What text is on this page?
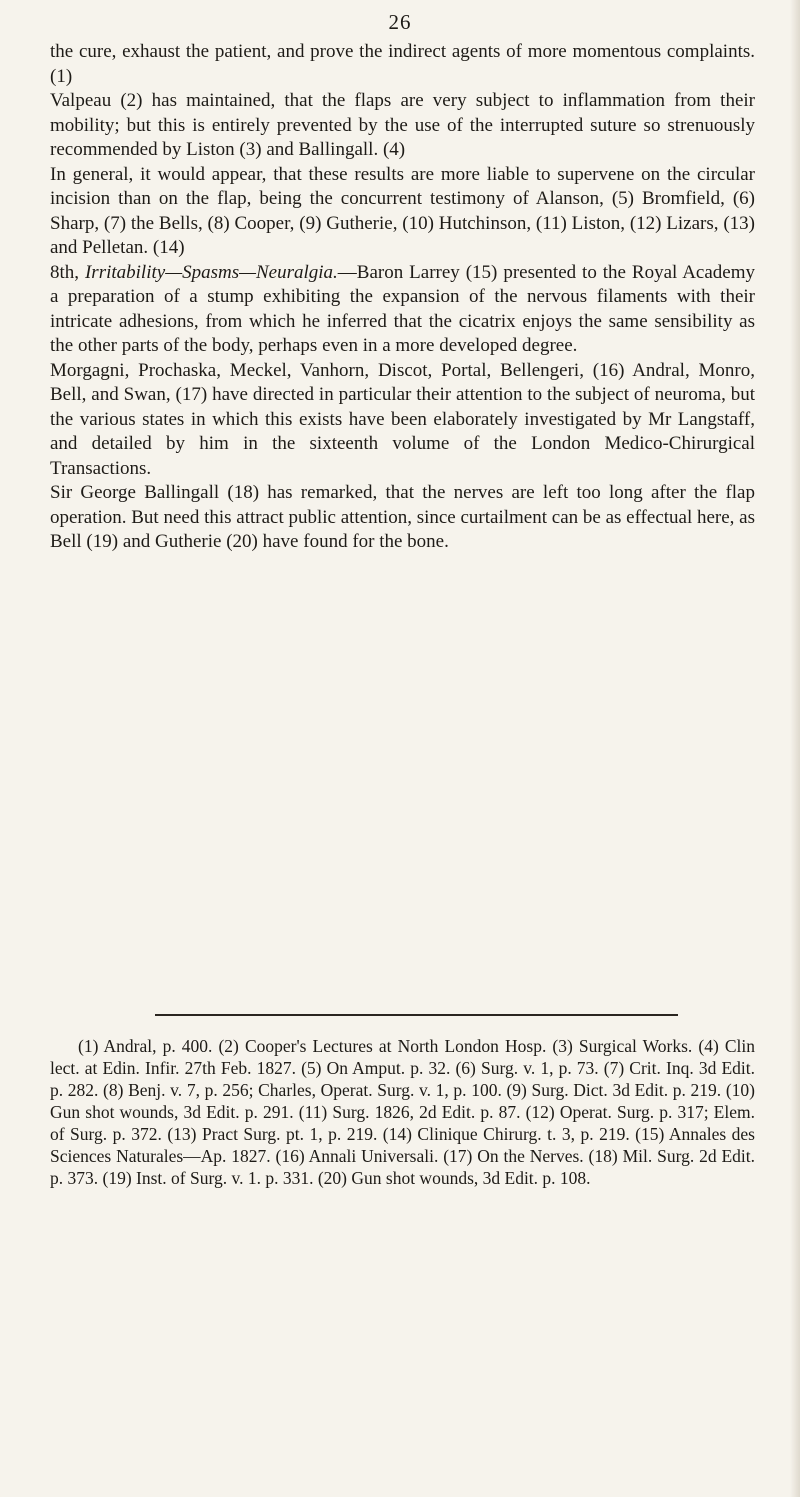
26

the cure, exhaust the patient, and prove the indirect agents of more momentous complaints. (1)

Valpeau (2) has maintained, that the flaps are very subject to inflammation from their mobility; but this is entirely prevented by the use of the interrupted suture so strenuously recommended by Liston (3) and Ballingall. (4)

In general, it would appear, that these results are more liable to supervene on the circular incision than on the flap, being the concurrent testimony of Alanson, (5) Bromfield, (6) Sharp, (7) the Bells, (8) Cooper, (9) Gutherie, (10) Hutchinson, (11) Liston, (12) Lizars, (13) and Pelletan. (14)

8th, Irritability—Spasms—Neuralgia.—Baron Larrey (15) presented to the Royal Academy a preparation of a stump exhibiting the expansion of the nervous filaments with their intricate adhesions, from which he inferred that the cicatrix enjoys the same sensibility as the other parts of the body, perhaps even in a more developed degree.

Morgagni, Prochaska, Meckel, Vanhorn, Discot, Portal, Bellengeri, (16) Andral, Monro, Bell, and Swan, (17) have directed in particular their attention to the subject of neuroma, but the various states in which this exists have been elaborately investigated by Mr Langstaff, and detailed by him in the sixteenth volume of the London Medico-Chirurgical Transactions.

Sir George Ballingall (18) has remarked, that the nerves are left too long after the flap operation. But need this attract public attention, since curtailment can be as effectual here, as Bell (19) and Gutherie (20) have found for the bone.

(1) Andral, p. 400. (2) Cooper's Lectures at North London Hosp. (3) Surgical Works. (4) Clin lect. at Edin. Infir. 27th Feb. 1827. (5) On Amput. p. 32. (6) Surg. v. 1, p. 73. (7) Crit. Inq. 3d Edit. p. 282. (8) Benj. v. 7, p. 256; Charles, Operat. Surg. v. 1, p. 100. (9) Surg. Dict. 3d Edit. p. 219. (10) Gun shot wounds, 3d Edit. p. 291. (11) Surg. 1826, 2d Edit. p. 87. (12) Operat. Surg. p. 317; Elem. of Surg. p. 372. (13) Pract Surg. pt. 1, p. 219. (14) Clinique Chirurg. t. 3, p. 219. (15) Annales des Sciences Naturales—Ap. 1827. (16) Annali Universali. (17) On the Nerves. (18) Mil. Surg. 2d Edit. p. 373. (19) Inst. of Surg. v. 1. p. 331. (20) Gun shot wounds, 3d Edit. p. 108.
